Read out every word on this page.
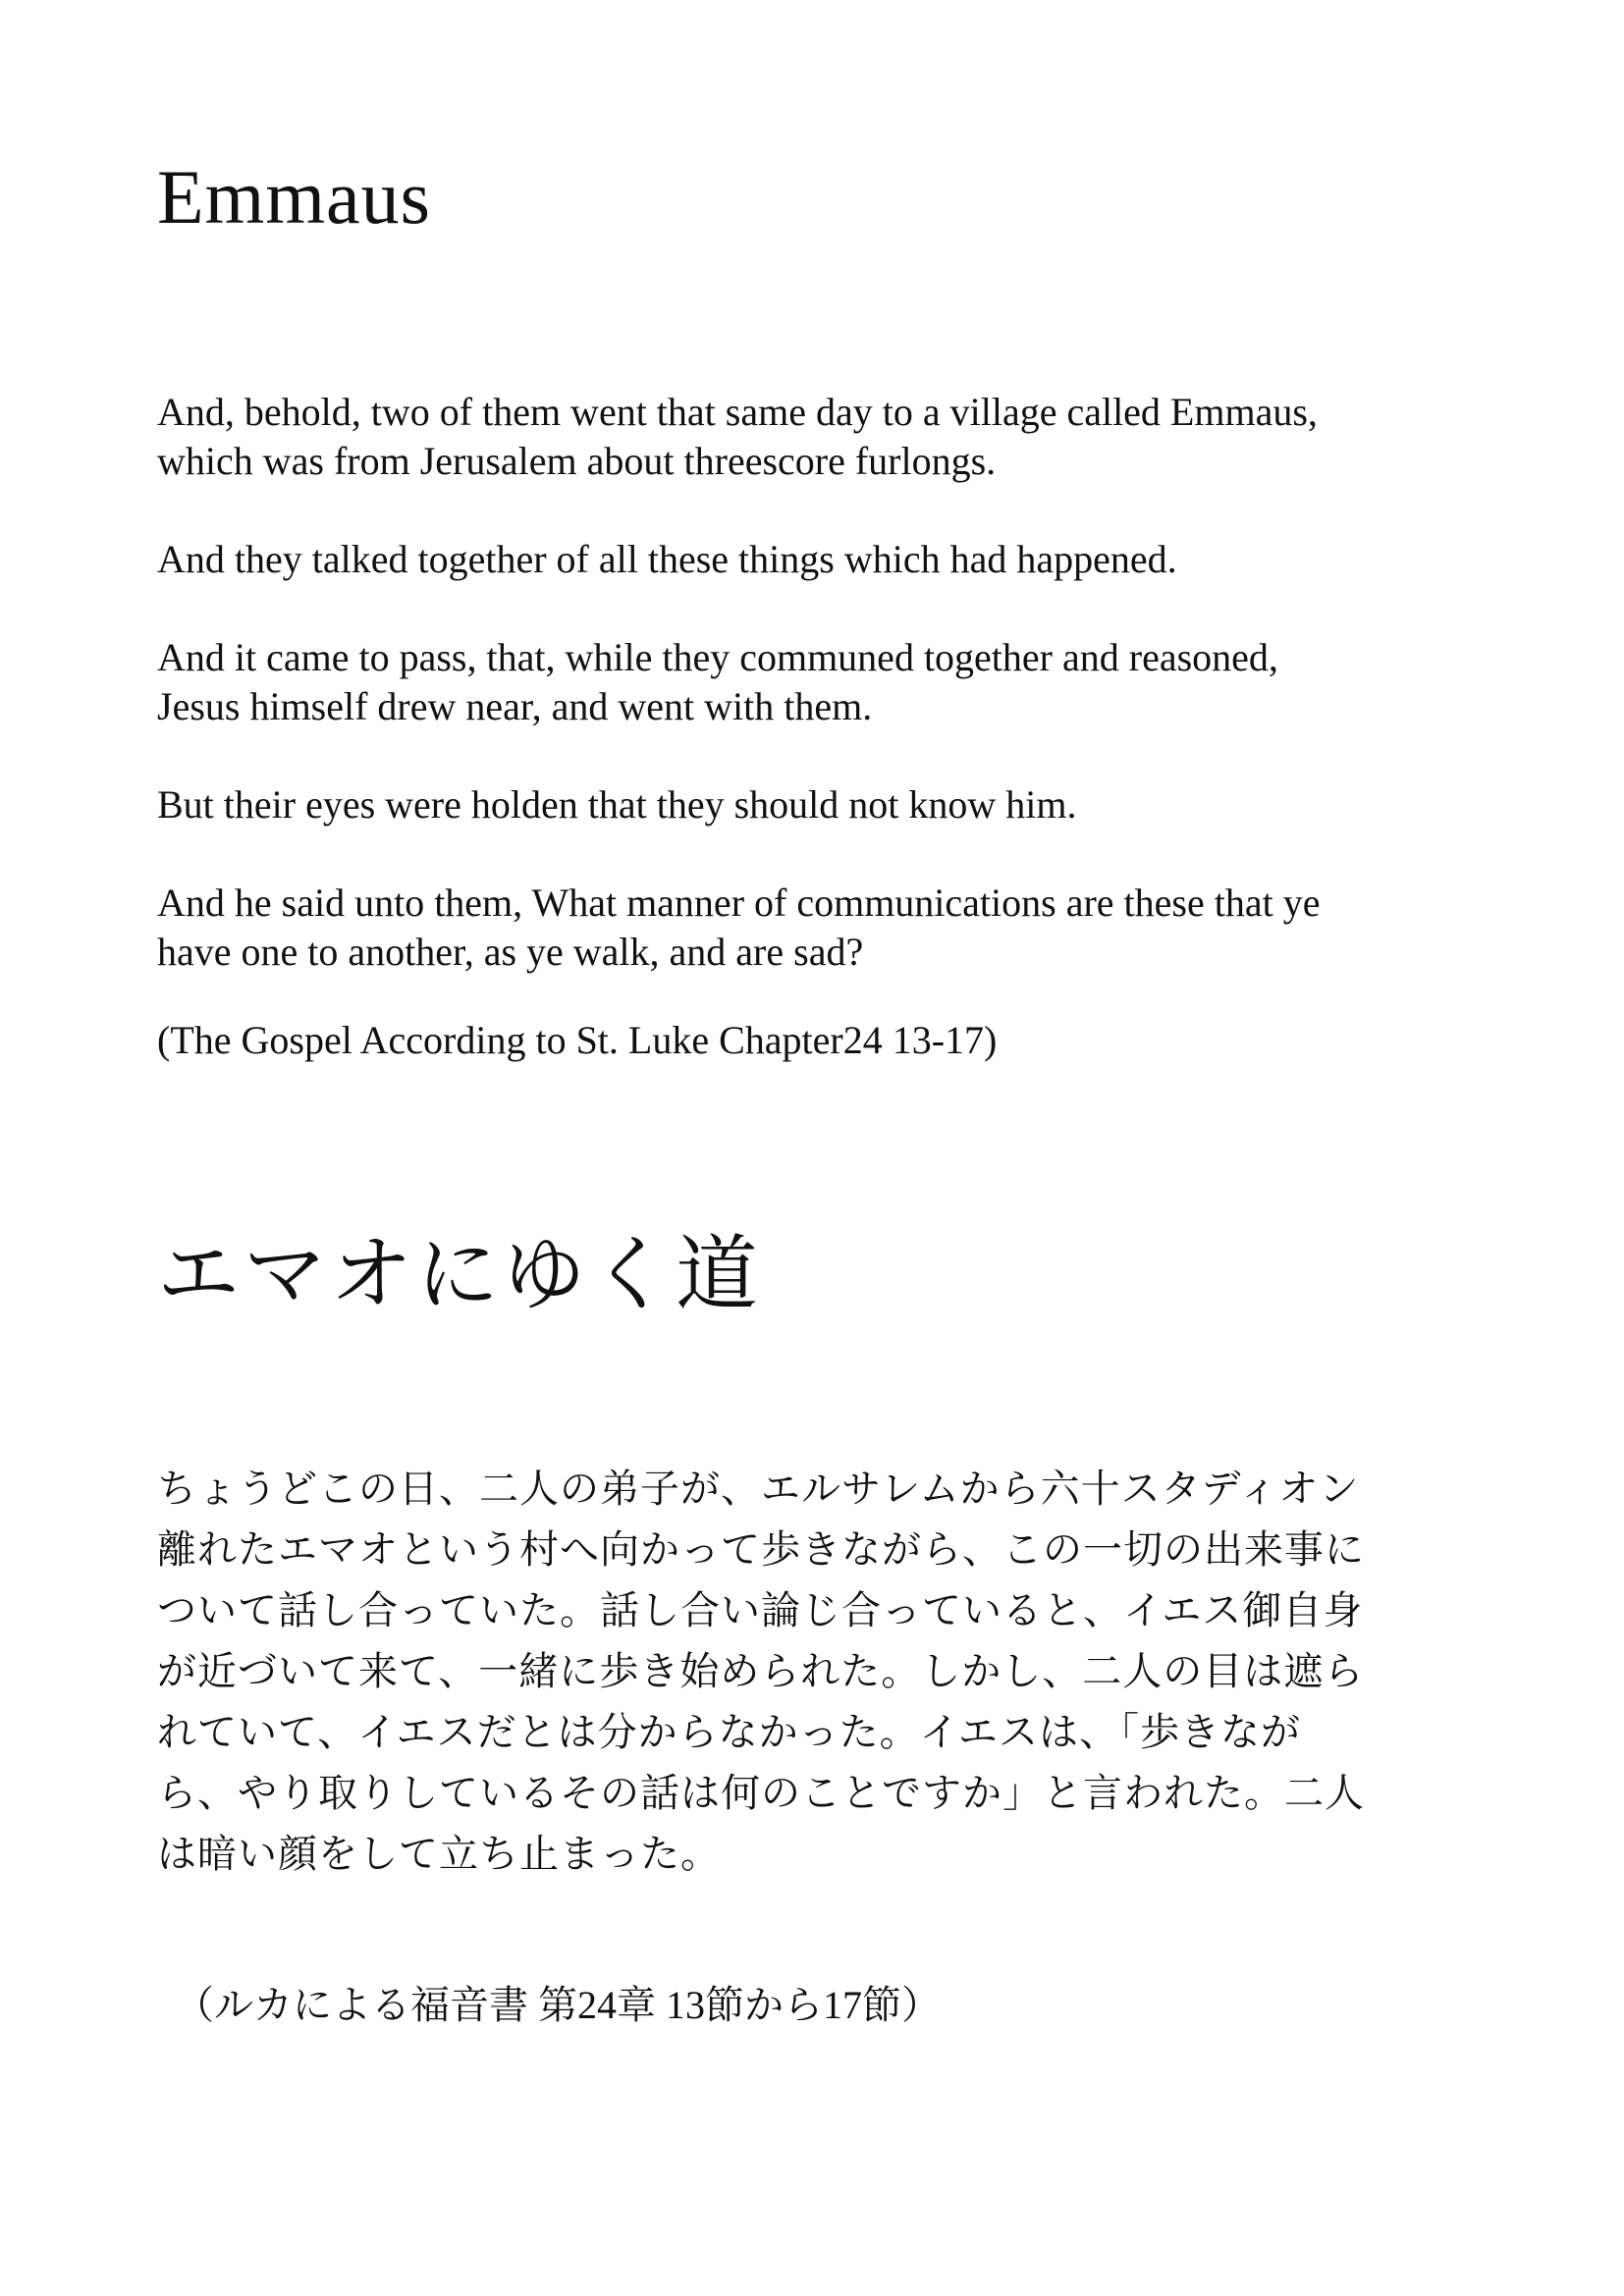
Emmaus

And, behold, two of them went that same day to a village called Emmaus,
which was from Jerusalem about threescore furlongs.

And they talked together of all these things which had happened.

And it came to pass, that, while they communed together and reasoned,
Jesus himself drew near, and went with them.

But their eyes were holden that they should not know him.

And he said unto them, What manner of communications are these that ye
have one to another, as ye walk, and are sad?

(The Gospel According to St. Luke Chapter24 13-17)

エマオにゆく道
ちょうどこの日、二人の弟子が、エルサレムから六十スタディオン
離れたエマオという村へ向かって歩きながら、この一切の出来事に
ついて話し合っていた。話し合い論じ合っていると、イエス御自身
が近づいて来て、一緒に歩き始められた。しかし、二人の目は遮ら
れていて、イエスだとは分からなかった。イエスは、「歩きなが
ら、やり取りしているその話は何のことですか」と言われた。二人
は暗い顔をして立ち止まった。
（ルカによる福音書 第24章 13節から17節）
